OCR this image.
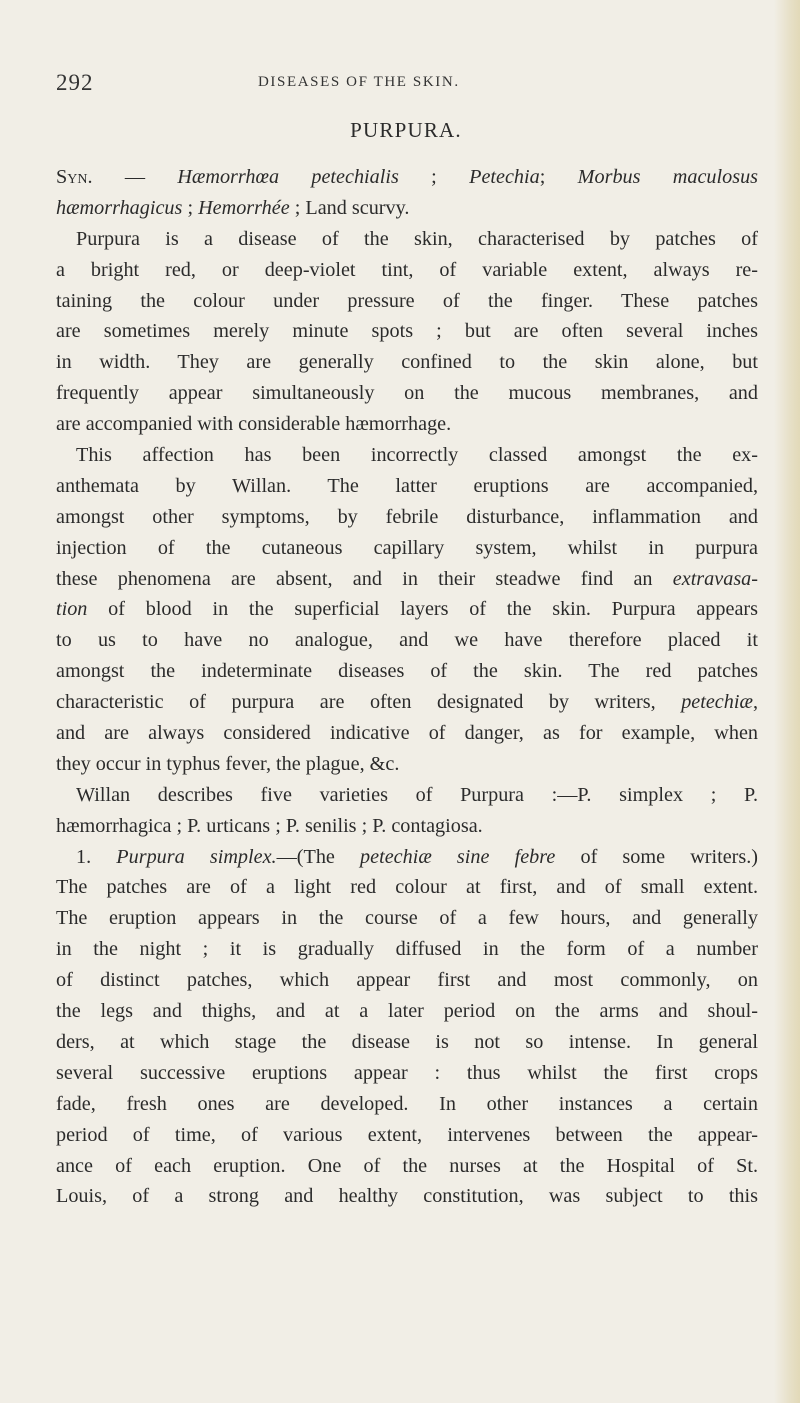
292	DISEASES OF THE SKIN.
PURPURA.
Syn. — Hæmorrhœa petechialis ; Petechia; Morbus maculosus
hæmorrhagicus ; Hemorrhée ; Land scurvy.
Purpura is a disease of the skin, characterised by patches of
a bright red, or deep-violet tint, of variable extent, always re-
taining the colour under pressure of the finger. These patches
are sometimes merely minute spots ; but are often several inches
in width. They are generally confined to the skin alone, but
frequently appear simultaneously on the mucous membranes, and
are accompanied with considerable hæmorrhage.
This affection has been incorrectly classed amongst the ex-
anthemata by Willan. The latter eruptions are accompanied,
amongst other symptoms, by febrile disturbance, inflammation and
injection of the cutaneous capillary system, whilst in purpura
these phenomena are absent, and in their steadwe find an extravasa-
tion of blood in the superficial layers of the skin. Purpura appears
to us to have no analogue, and we have therefore placed it
amongst the indeterminate diseases of the skin. The red patches
characteristic of purpura are often designated by writers, petechiæ,
and are always considered indicative of danger, as for example, when
they occur in typhus fever, the plague, &c.
Willan describes five varieties of Purpura :—P. simplex ; P.
hæmorrhagica ; P. urticans ; P. senilis ; P. contagiosa.
1. Purpura simplex.—(The petechiæ sine febre of some writers.)
The patches are of a light red colour at first, and of small extent.
The eruption appears in the course of a few hours, and generally
in the night ; it is gradually diffused in the form of a number
of distinct patches, which appear first and most commonly, on
the legs and thighs, and at a later period on the arms and shoul-
ders, at which stage the disease is not so intense. In general
several successive eruptions appear : thus whilst the first crops
fade, fresh ones are developed. In other instances a certain
period of time, of various extent, intervenes between the appear-
ance of each eruption. One of the nurses at the Hospital of St.
Louis, of a strong and healthy constitution, was subject to this
